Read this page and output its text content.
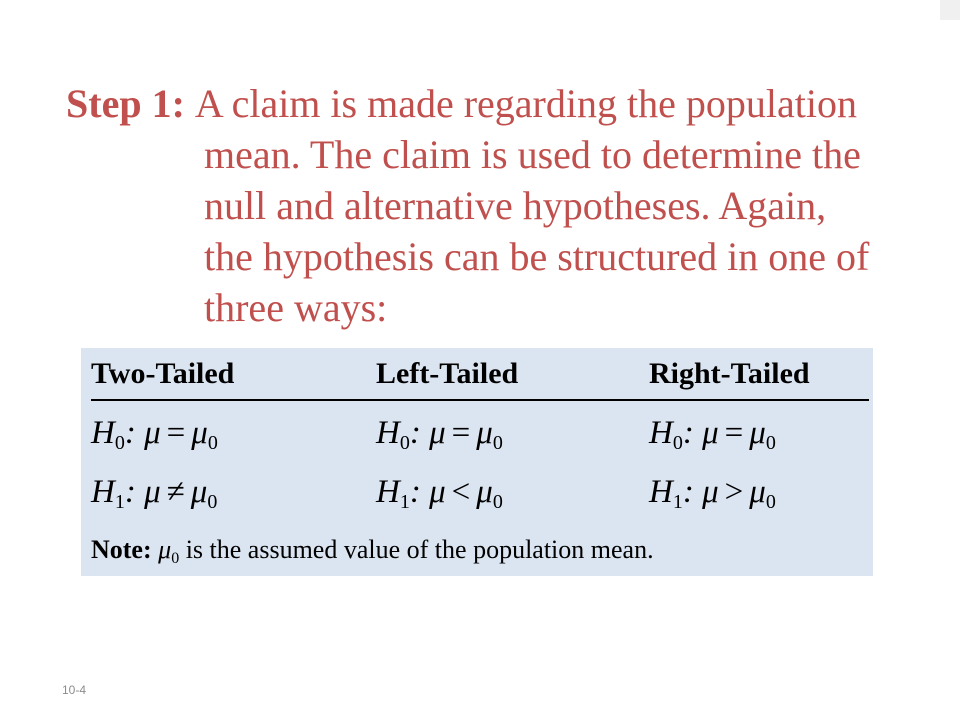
Step 1: A claim is made regarding the population
mean. The claim is used to determine the
null and alternative hypotheses. Again,
the hypothesis can be structured in one of
three ways:
Two-Tailed	Left-Tailed	Right-Tailed
$H_0$: $\mu = \mu_0$
$H_1$: $\mu \ne \mu_0$
$H_0$: $\mu = \mu_0$
$H_1$: $\mu < \mu_0$
$H_0$: $\mu = \mu_0$
$H_1$: $\mu > \mu_0$
Note: $\mu_0$ is the assumed value of the population mean.
10-4
